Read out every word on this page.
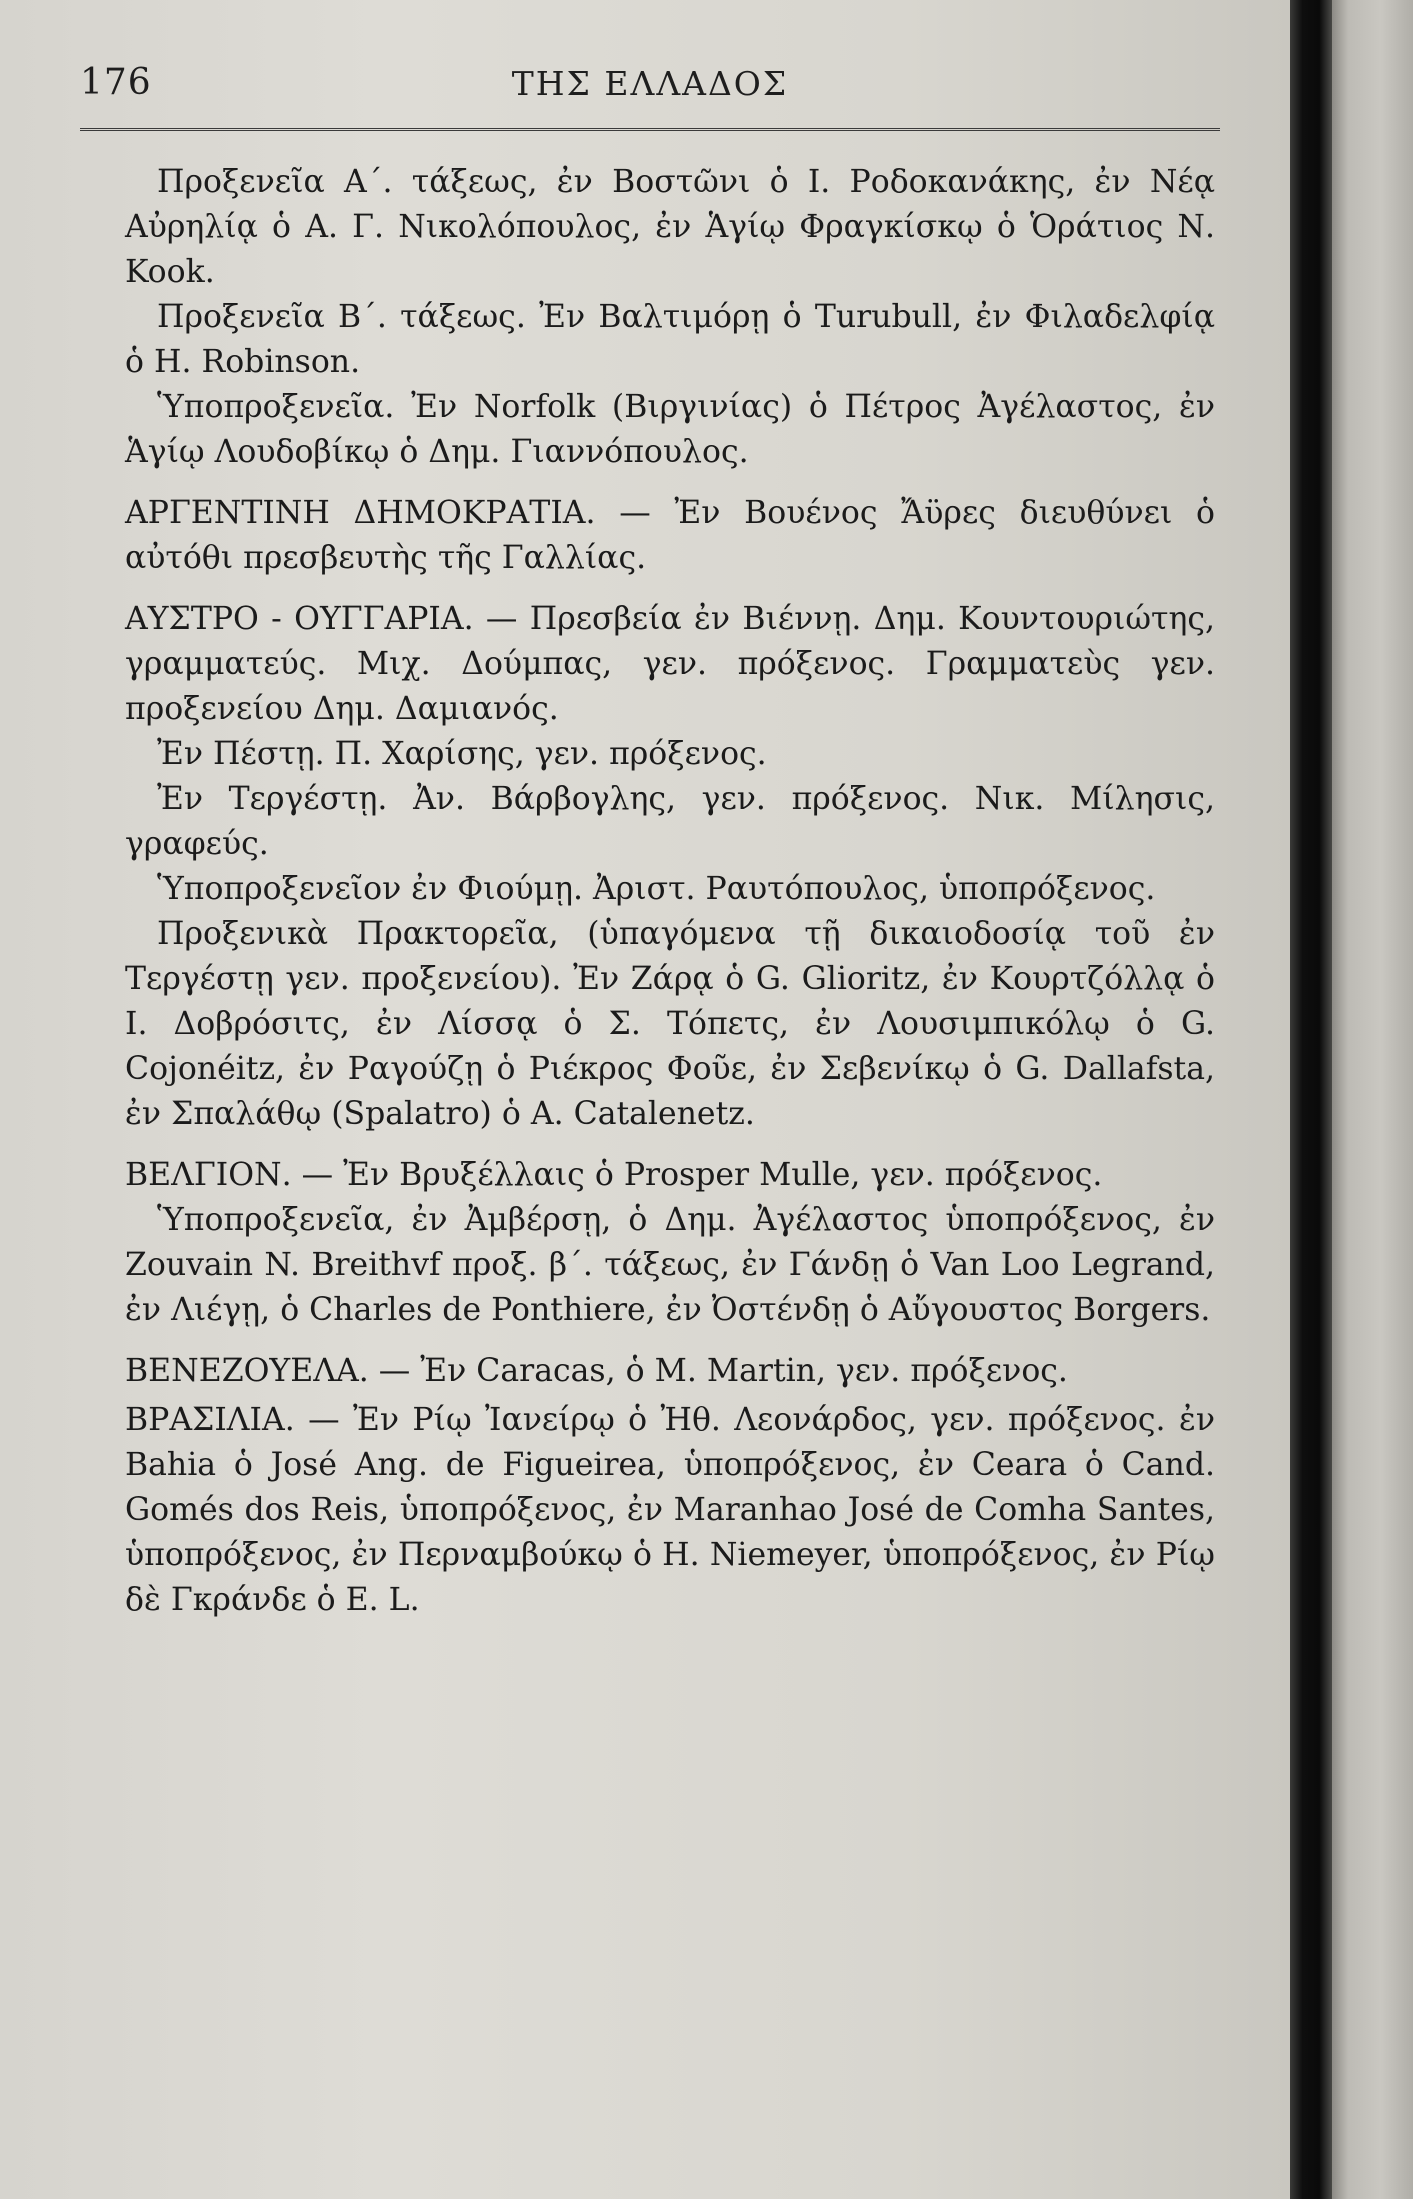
176	ΤΗΣ ΕΛΛΑΔΟΣ

Προξενεῖα Α΄. τάξεως, ἐν Βοστῶνι ὁ Ι. Ροδοκανάκης, ἐν Νέᾳ Αὐρηλίᾳ ὁ Α. Γ. Νικολόπουλος, ἐν Ἁγίῳ Φραγκίσκῳ ὁ Ὁράτιος Ν. Kook.

Προξενεῖα Β΄. τάξεως. Ἐν Βαλτιμόρῃ ὁ Turubull, ἐν Φιλαδελφίᾳ ὁ Η. Robinson.

Ὑποπροξενεῖα. Ἐν Norfolk (Βιργινίας) ὁ Πέτρος Ἀγέλαστος, ἐν Ἁγίῳ Λουδοβίκῳ ὁ Δημ. Γιαννόπουλος.

ΑΡΓΕΝΤΙΝΗ ΔΗΜΟΚΡΑΤΙΑ. — Ἐν Βουένος Ἄϋρες διευθύνει ὁ αὐτόθι πρεσβευτὴς τῆς Γαλλίας.

ΑΥΣΤΡΟ - ΟΥΓΓΑΡΙΑ. — Πρεσβεία ἐν Βιέννῃ. Δημ. Κουντουριώτης, γραμματεύς. Μιχ. Δούμπας, γεν. πρόξενος. Γραμματεὺς γεν. προξενείου Δημ. Δαμιανός.

Ἐν Πέστῃ. Π. Χαρίσης, γεν. πρόξενος.

Ἐν Τεργέστῃ. Ἀν. Βάρβογλης, γεν. πρόξενος. Νικ. Μίλησις, γραφεύς.

Ὑποπροξενεῖον ἐν Φιούμῃ. Ἀριστ. Ραυτόπουλος, ὑποπρόξενος.

Προξενικὰ Πρακτορεῖα, (ὑπαγόμενα τῇ δικαιοδοσίᾳ τοῦ ἐν Τεργέστῃ γεν. προξενείου). Ἐν Ζάρᾳ ὁ G. Glioritz, ἐν Κουρτζόλλᾳ ὁ Ι. Δοβρόσιτς, ἐν Λίσσᾳ ὁ Σ. Τόπετς, ἐν Λουσιμπικόλῳ ὁ G. Cojonéitz, ἐν Ραγούζῃ ὁ Ριέκρος Φοῦε, ἐν Σεβενίκῳ ὁ G. Dallafsta, ἐν Σπαλάθῳ (Spalatro) ὁ Α. Catalenetz.

ΒΕΛΓΙΟΝ. — Ἐν Βρυξέλλαις ὁ Prosper Mulle, γεν. πρόξενος.

Ὑποπροξενεῖα, ἐν Ἀμβέρσῃ, ὁ Δημ. Ἀγέλαστος ὑποπρόξενος, ἐν Zouvain N. Breithvf προξ. β΄. τάξεως, ἐν Γάνδῃ ὁ Van Loo Legrand, ἐν Λιέγῃ, ὁ Charles de Ponthiere, ἐν Ὀστένδῃ ὁ Αὔγουστος Borgers.

ΒΕΝΕΖΟΥΕΛΑ. — Ἐν Caracas, ὁ Μ. Martin, γεν. πρόξενος.

ΒΡΑΣΙΛΙΑ. — Ἐν Ρίῳ Ἰανείρῳ ὁ Ἠθ. Λεονάρδος, γεν. πρόξενος. ἐν Bahia ὁ José Ang. de Figueirea, ὑποπρόξενος, ἐν Ceara ὁ Cand. Gomés dos Reis, ὑποπρόξενος, ἐν Maranhao José de Comha Santes, ὑποπρόξενος, ἐν Περναμβούκῳ ὁ Η. Niemeyer, ὑποπρόξενος, ἐν Ρίῳ δὲ Γκράνδε ὁ Ε. L.
